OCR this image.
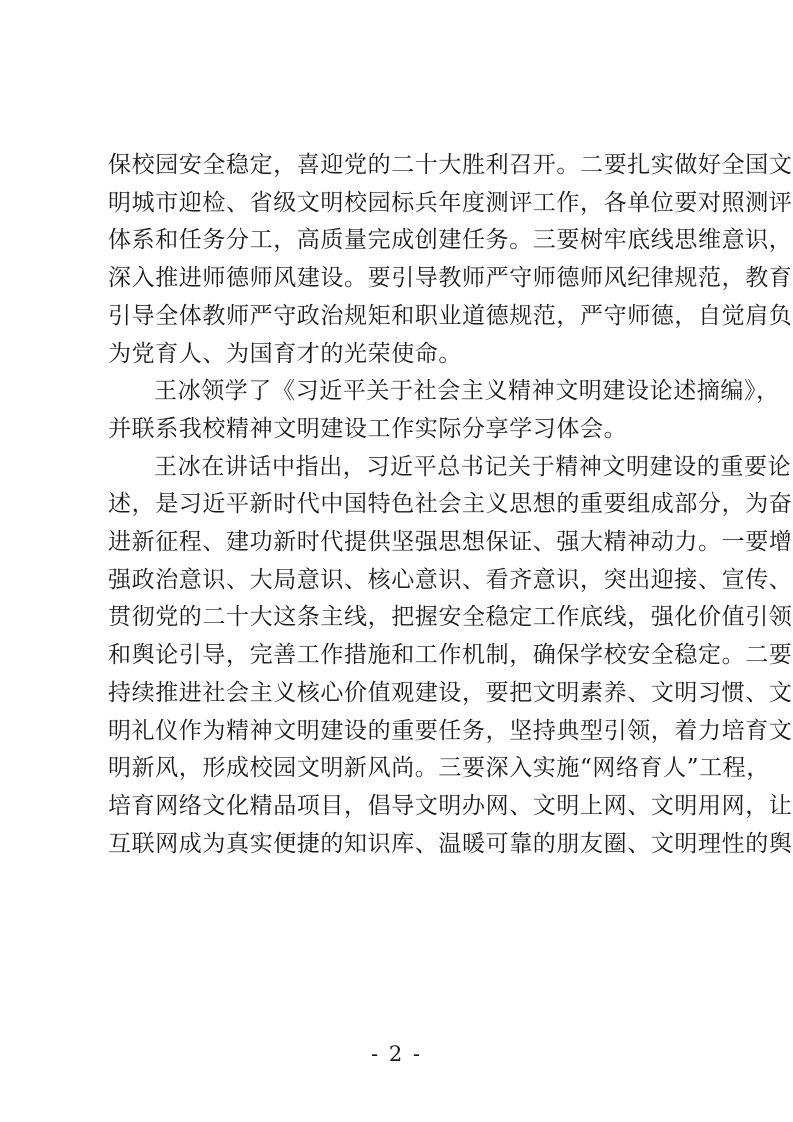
保校园安全稳定，喜迎党的二十大胜利召开。二要扎实做好全国文
明城市迎检、省级文明校园标兵年度测评工作，各单位要对照测评
体系和任务分工，高质量完成创建任务。三要树牢底线思维意识，
深入推进师德师风建设。要引导教师严守师德师风纪律规范，教育
引导全体教师严守政治规矩和职业道德规范，严守师德，自觉肩负
为党育人、为国育才的光荣使命。
王冰领学了《习近平关于社会主义精神文明建设论述摘编》，
并联系我校精神文明建设工作实际分享学习体会。
王冰在讲话中指出，习近平总书记关于精神文明建设的重要论
述，是习近平新时代中国特色社会主义思想的重要组成部分，为奋
进新征程、建功新时代提供坚强思想保证、强大精神动力。一要增
强政治意识、大局意识、核心意识、看齐意识，突出迎接、宣传、
贯彻党的二十大这条主线，把握安全稳定工作底线，强化价值引领
和舆论引导，完善工作措施和工作机制，确保学校安全稳定。二要
持续推进社会主义核心价值观建设，要把文明素养、文明习惯、文
明礼仪作为精神文明建设的重要任务，坚持典型引领，着力培育文
明新风，形成校园文明新风尚。三要深入实施“网络育人”工程，
培育网络文化精品项目，倡导文明办网、文明上网、文明用网，让
互联网成为真实便捷的知识库、温暖可靠的朋友圈、文明理性的舆
- 2 -
